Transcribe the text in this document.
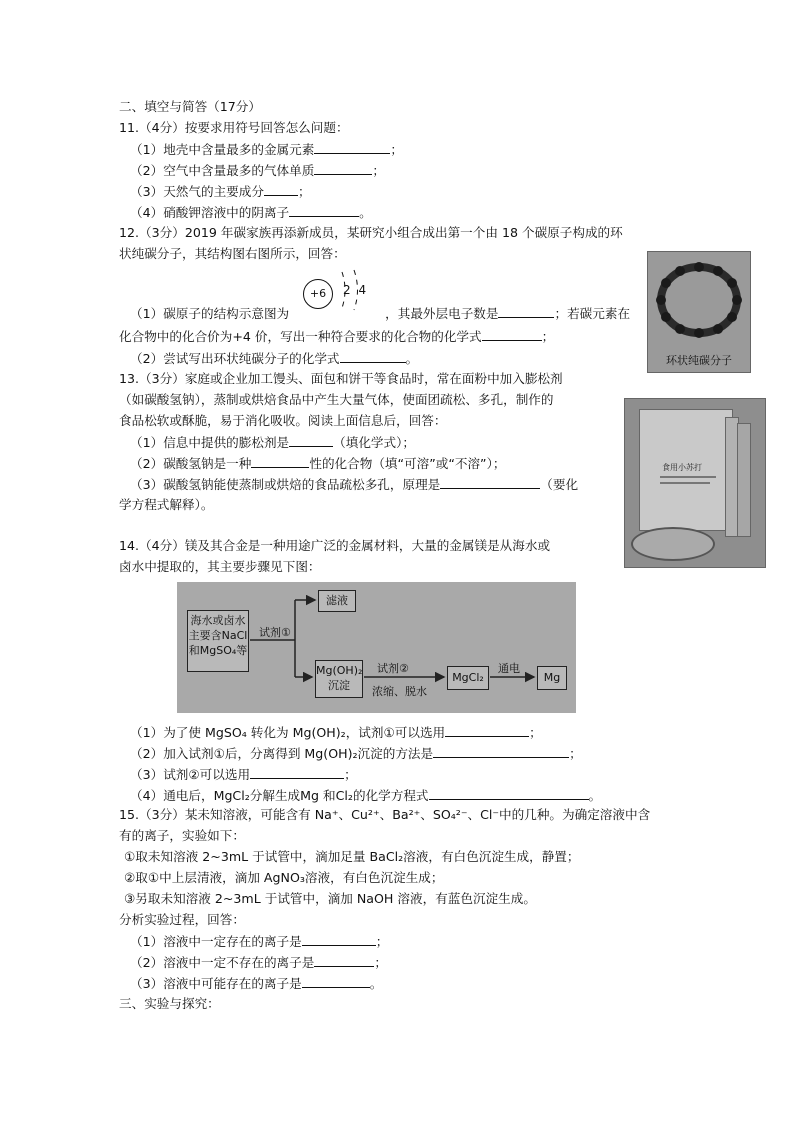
二、填空与简答（17分）
11.（4分）按要求用符号回答怎么问题：
（1）地壳中含量最多的金属元素	；
（2）空气中含量最多的气体单质	；
（3）天然气的主要成分	；
（4）硝酸钾溶液中的阴离子	。
12.（3分）2019 年碳家族再添新成员，某研究小组合成出第一个由 18 个碳原子构成的环
状纯碳分子，其结构图右图所示，回答：
+6	2 4
（1）碳原子的结构示意图为	，其最外层电子数是	；若碳元素在
化合物中的化合价为+4 价，写出一种符合要求的化合物的化学式	；
（2）尝试写出环状纯碳分子的化学式	。	环状纯碳分子
13.（3分）家庭或企业加工馒头、面包和饼干等食品时，常在面粉中加入膨松剂
（如碳酸氢钠），蒸制或烘焙食品中产生大量气体，使面团疏松、多孔，制作的
食品松软或酥脆，易于消化吸收。阅读上面信息后，回答：
（1）信息中提供的膨松剂是	（填化学式）；
（2）碳酸氢钠是一种	性的化合物（填“可溶”或“不溶”）；
（3）碳酸氢钠能使蒸制或烘焙的食品疏松多孔，原理是	（要化
学方程式解释）。
食用小苏打
14.（4分）镁及其合金是一种用途广泛的金属材料，大量的金属镁是从海水或
卤水中提取的，其主要步骤见下图：
海水或卤水
主要含NaCl
和MgSO₄等
滤液
Mg(OH)₂
沉淀
MgCl₂	Mg
试剂①
试剂②
浓缩、脱水
通电
（1）为了使 MgSO₄ 转化为 Mg(OH)₂，试剂①可以选用	；
（2）加入试剂①后，分离得到 Mg(OH)₂沉淀的方法是	；
（3）试剂②可以选用	；
（4）通电后，MgCl₂分解生成Mg 和Cl₂的化学方程式	。
15.（3分）某未知溶液，可能含有 Na⁺、Cu²⁺、Ba²⁺、SO₄²⁻、Cl⁻中的几种。为确定溶液中含
有的离子，实验如下：
①取未知溶液 2~3mL 于试管中，滴加足量 BaCl₂溶液，有白色沉淀生成，静置；
②取①中上层清液，滴加 AgNO₃溶液，有白色沉淀生成；
③另取未知溶液 2~3mL 于试管中，滴加 NaOH 溶液，有蓝色沉淀生成。
分析实验过程，回答：
（1）溶液中一定存在的离子是	；
（2）溶液中一定不存在的离子是	；
（3）溶液中可能存在的离子是	。
三、实验与探究：
